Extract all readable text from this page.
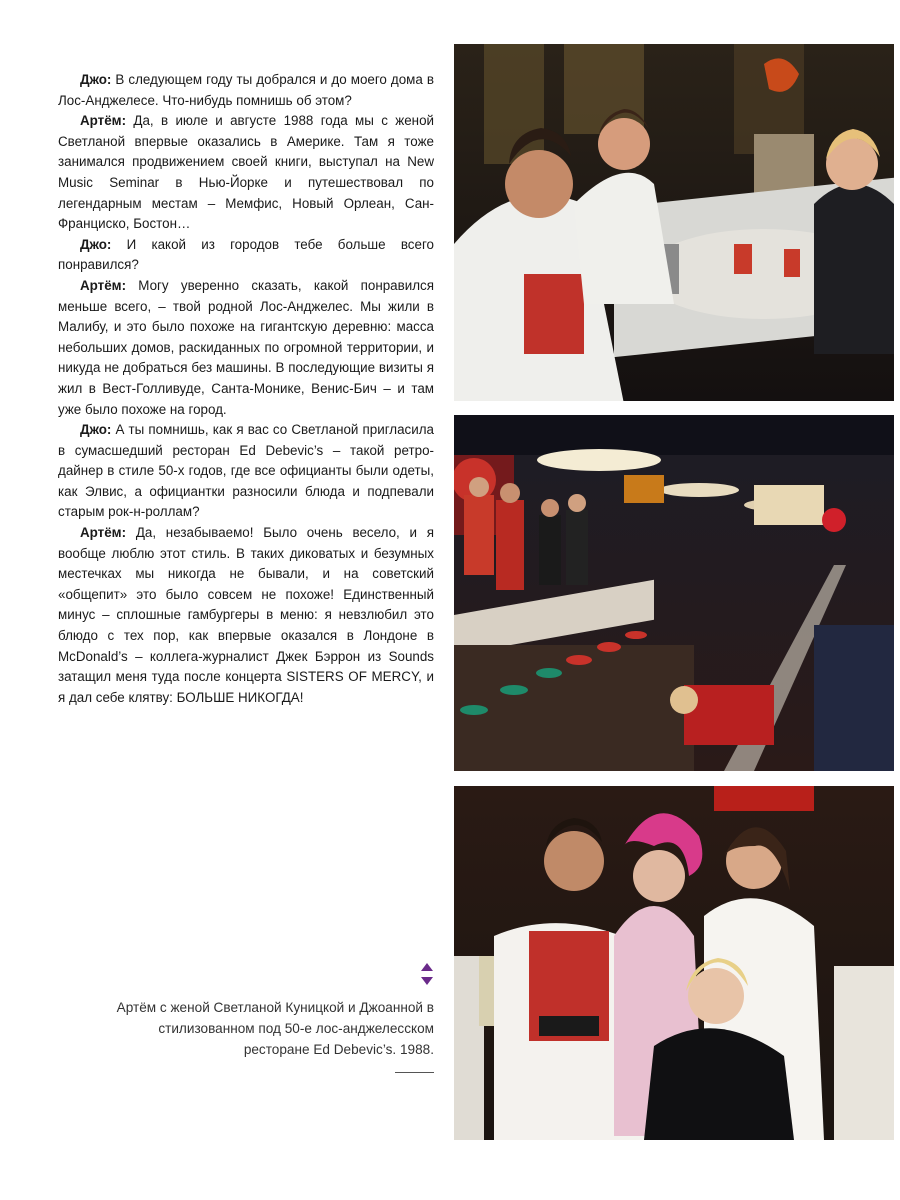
Джо: В следующем году ты добрался и до моего дома в Лос-Анджелесе. Что-нибудь помнишь об этом?

Артём: Да, в июле и августе 1988 года мы с женой Светланой впервые оказались в Америке. Там я тоже занимался продвижением своей книги, выступал на New Music Seminar в Нью-Йорке и путешествовал по легендарным местам – Мемфис, Новый Орлеан, Сан-Франциско, Бостон…

Джо: И какой из городов тебе больше всего понравился?

Артём: Могу уверенно сказать, какой понравился меньше всего, – твой родной Лос-Анджелес. Мы жили в Малибу, и это было похоже на гигантскую деревню: масса небольших домов, раскиданных по огромной территории, и никуда не добраться без машины. В последующие визиты я жил в Вест-Голливуде, Санта-Монике, Венис-Бич – и там уже было похоже на город.

Джо: А ты помнишь, как я вас со Светланой пригласила в сумасшедший ресторан Ed Debevic’s – такой ретро-дайнер в стиле 50-х годов, где все официанты были одеты, как Элвис, а официантки разносили блюда и подпевали старым рок-н-роллам?

Артём: Да, незабываемо! Было очень весело, и я вообще люблю этот стиль. В таких диковатых и безумных местечках мы никогда не бывали, и на советский «общепит» это было совсем не похоже! Единственный минус – сплошные гамбургеры в меню: я невзлюбил это блюдо с тех пор, как впервые оказался в Лондоне в McDonald’s – коллега-журналист Джек Бэррон из Sounds затащил меня туда после концерта SISTERS OF MERCY, и я дал себе клятву: БОЛЬШЕ НИКОГДА!

Артём с женой Светланой Куницкой и Джоанной в стилизованном под 50-е лос-анджелесском ресторане Ed Debevic’s. 1988.
